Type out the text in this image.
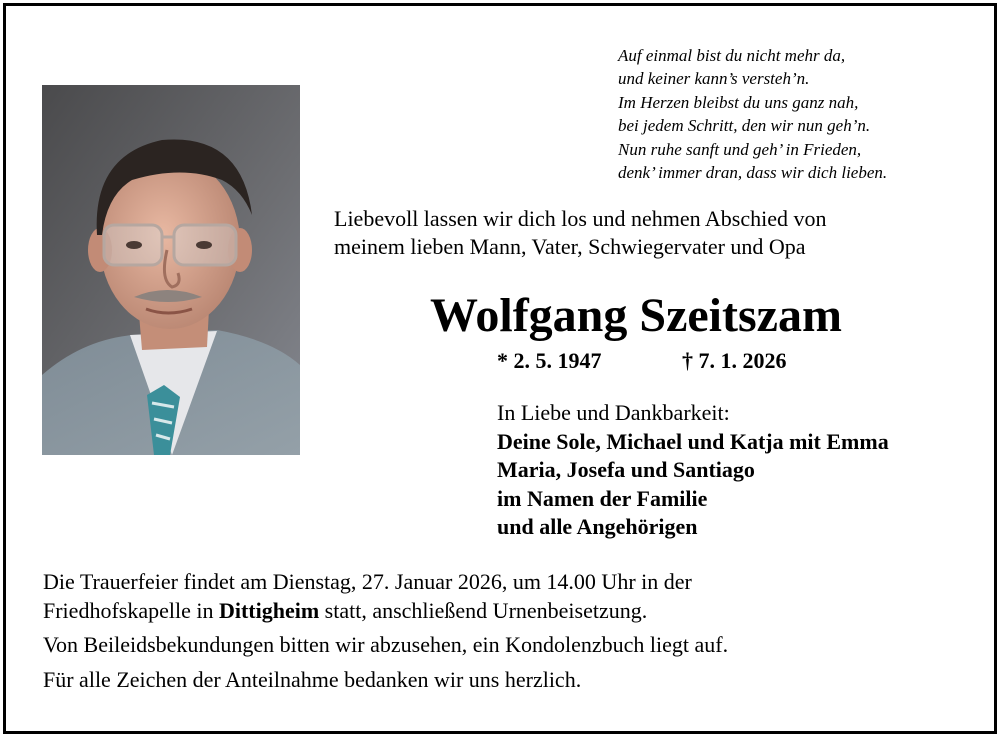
Auf einmal bist du nicht mehr da,
und keiner kann’s versteh’n.
Im Herzen bleibst du uns ganz nah,
bei jedem Schritt, den wir nun geh’n.
Nun ruhe sanft und geh’ in Frieden,
denk’ immer dran, dass wir dich lieben.
Liebevoll lassen wir dich los und nehmen Abschied von
meinem lieben Mann, Vater, Schwiegervater und Opa
Wolfgang Szeitszam
* 2. 5. 1947	† 7. 1. 2026
In Liebe und Dankbarkeit:
Deine Sole, Michael und Katja mit Emma
Maria, Josefa und Santiago
im Namen der Familie
und alle Angehörigen
Die Trauerfeier findet am Dienstag, 27. Januar 2026, um 14.00 Uhr in der
Friedhofskapelle in Dittigheim statt, anschließend Urnenbeisetzung.
Von Beileidsbekundungen bitten wir abzusehen, ein Kondolenzbuch liegt auf.
Für alle Zeichen der Anteilnahme bedanken wir uns herzlich.
